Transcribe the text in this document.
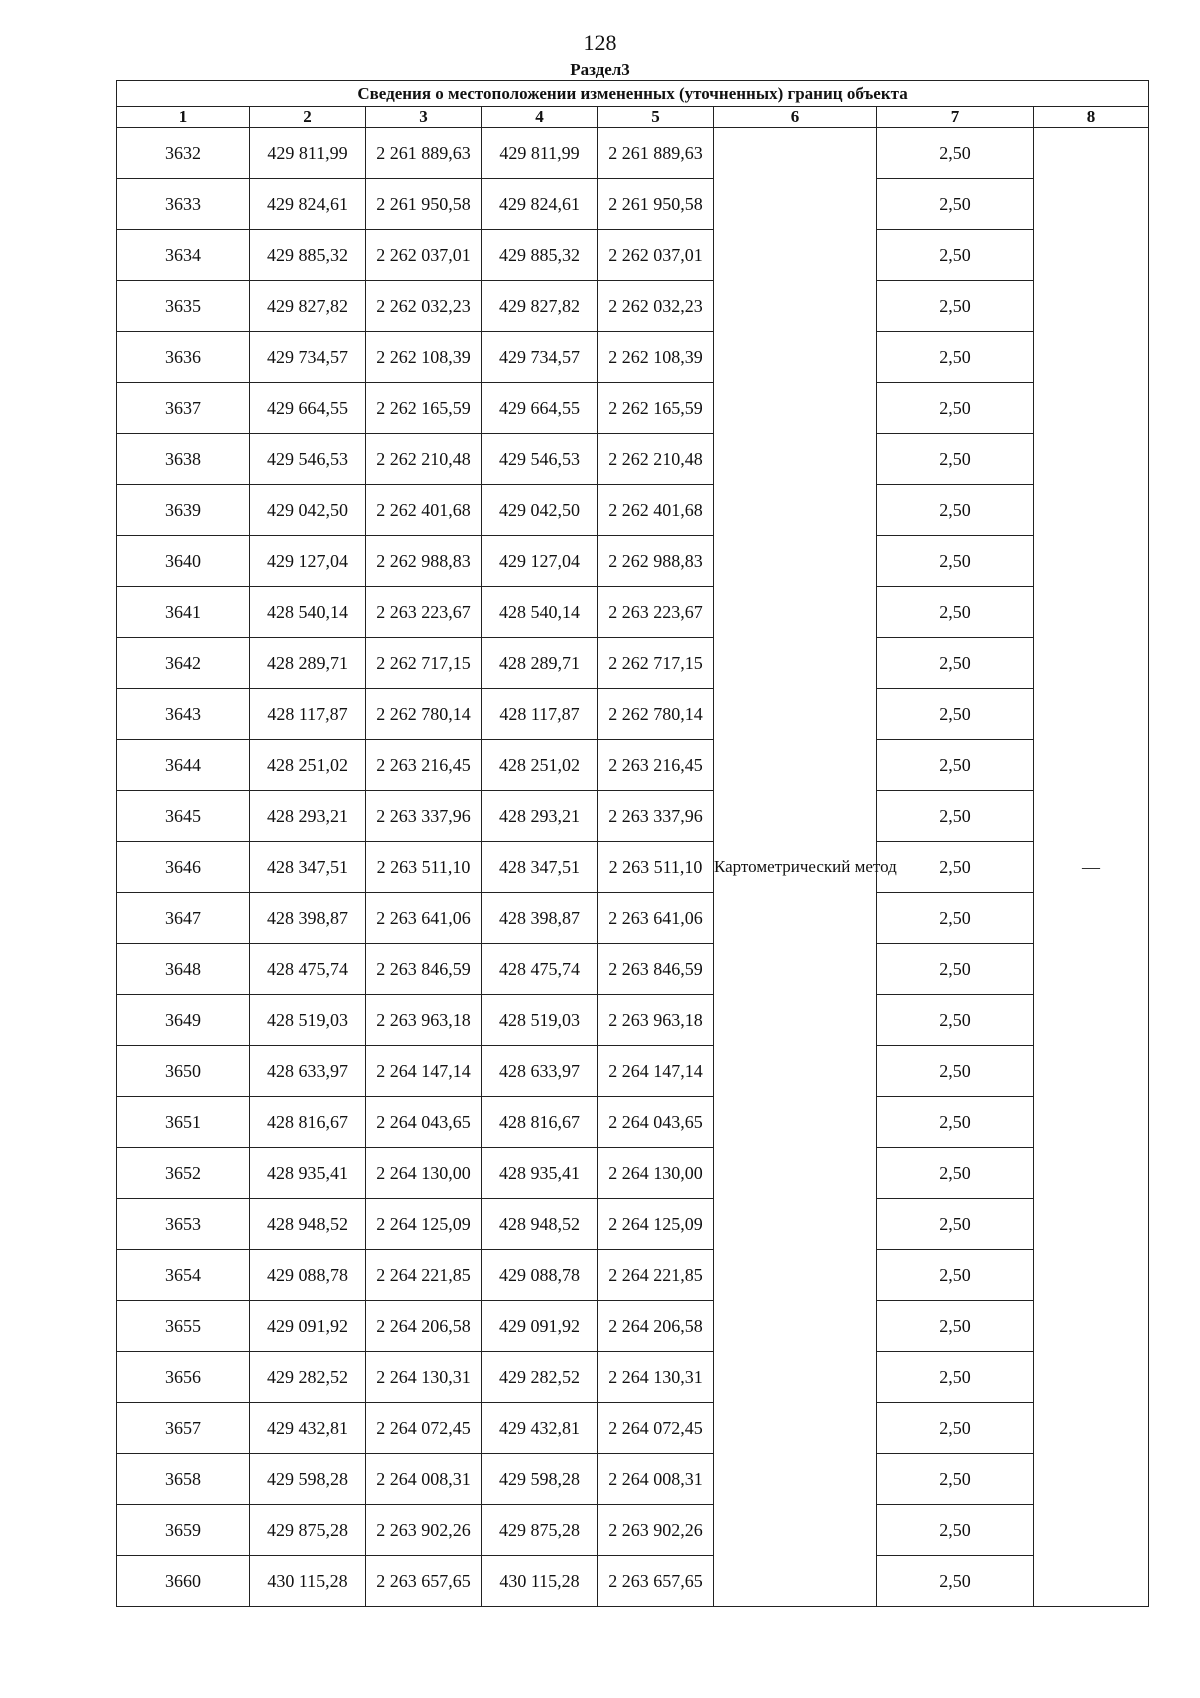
128
Раздел3
Сведения о местоположении измененных (уточненных) границ объекта							
1	2	3	4	5	6	7	8
3632	429 811,99	2 261 889,63	429 811,99	2 261 889,63	Картометрический метод	2,50	—
3633	429 824,61	2 261 950,58	429 824,61	2 261 950,58		2,50	
3634	429 885,32	2 262 037,01	429 885,32	2 262 037,01		2,50	
3635	429 827,82	2 262 032,23	429 827,82	2 262 032,23		2,50	
3636	429 734,57	2 262 108,39	429 734,57	2 262 108,39		2,50	
3637	429 664,55	2 262 165,59	429 664,55	2 262 165,59		2,50	
3638	429 546,53	2 262 210,48	429 546,53	2 262 210,48		2,50	
3639	429 042,50	2 262 401,68	429 042,50	2 262 401,68		2,50	
3640	429 127,04	2 262 988,83	429 127,04	2 262 988,83		2,50	
3641	428 540,14	2 263 223,67	428 540,14	2 263 223,67		2,50	
3642	428 289,71	2 262 717,15	428 289,71	2 262 717,15		2,50	
3643	428 117,87	2 262 780,14	428 117,87	2 262 780,14		2,50	
3644	428 251,02	2 263 216,45	428 251,02	2 263 216,45		2,50	
3645	428 293,21	2 263 337,96	428 293,21	2 263 337,96		2,50	
3646	428 347,51	2 263 511,10	428 347,51	2 263 511,10		2,50	
3647	428 398,87	2 263 641,06	428 398,87	2 263 641,06		2,50	
3648	428 475,74	2 263 846,59	428 475,74	2 263 846,59		2,50	
3649	428 519,03	2 263 963,18	428 519,03	2 263 963,18		2,50	
3650	428 633,97	2 264 147,14	428 633,97	2 264 147,14		2,50	
3651	428 816,67	2 264 043,65	428 816,67	2 264 043,65		2,50	
3652	428 935,41	2 264 130,00	428 935,41	2 264 130,00		2,50	
3653	428 948,52	2 264 125,09	428 948,52	2 264 125,09		2,50	
3654	429 088,78	2 264 221,85	429 088,78	2 264 221,85		2,50	
3655	429 091,92	2 264 206,58	429 091,92	2 264 206,58		2,50	
3656	429 282,52	2 264 130,31	429 282,52	2 264 130,31		2,50	
3657	429 432,81	2 264 072,45	429 432,81	2 264 072,45		2,50	
3658	429 598,28	2 264 008,31	429 598,28	2 264 008,31		2,50	
3659	429 875,28	2 263 902,26	429 875,28	2 263 902,26		2,50	
3660	430 115,28	2 263 657,65	430 115,28	2 263 657,65		2,50	
